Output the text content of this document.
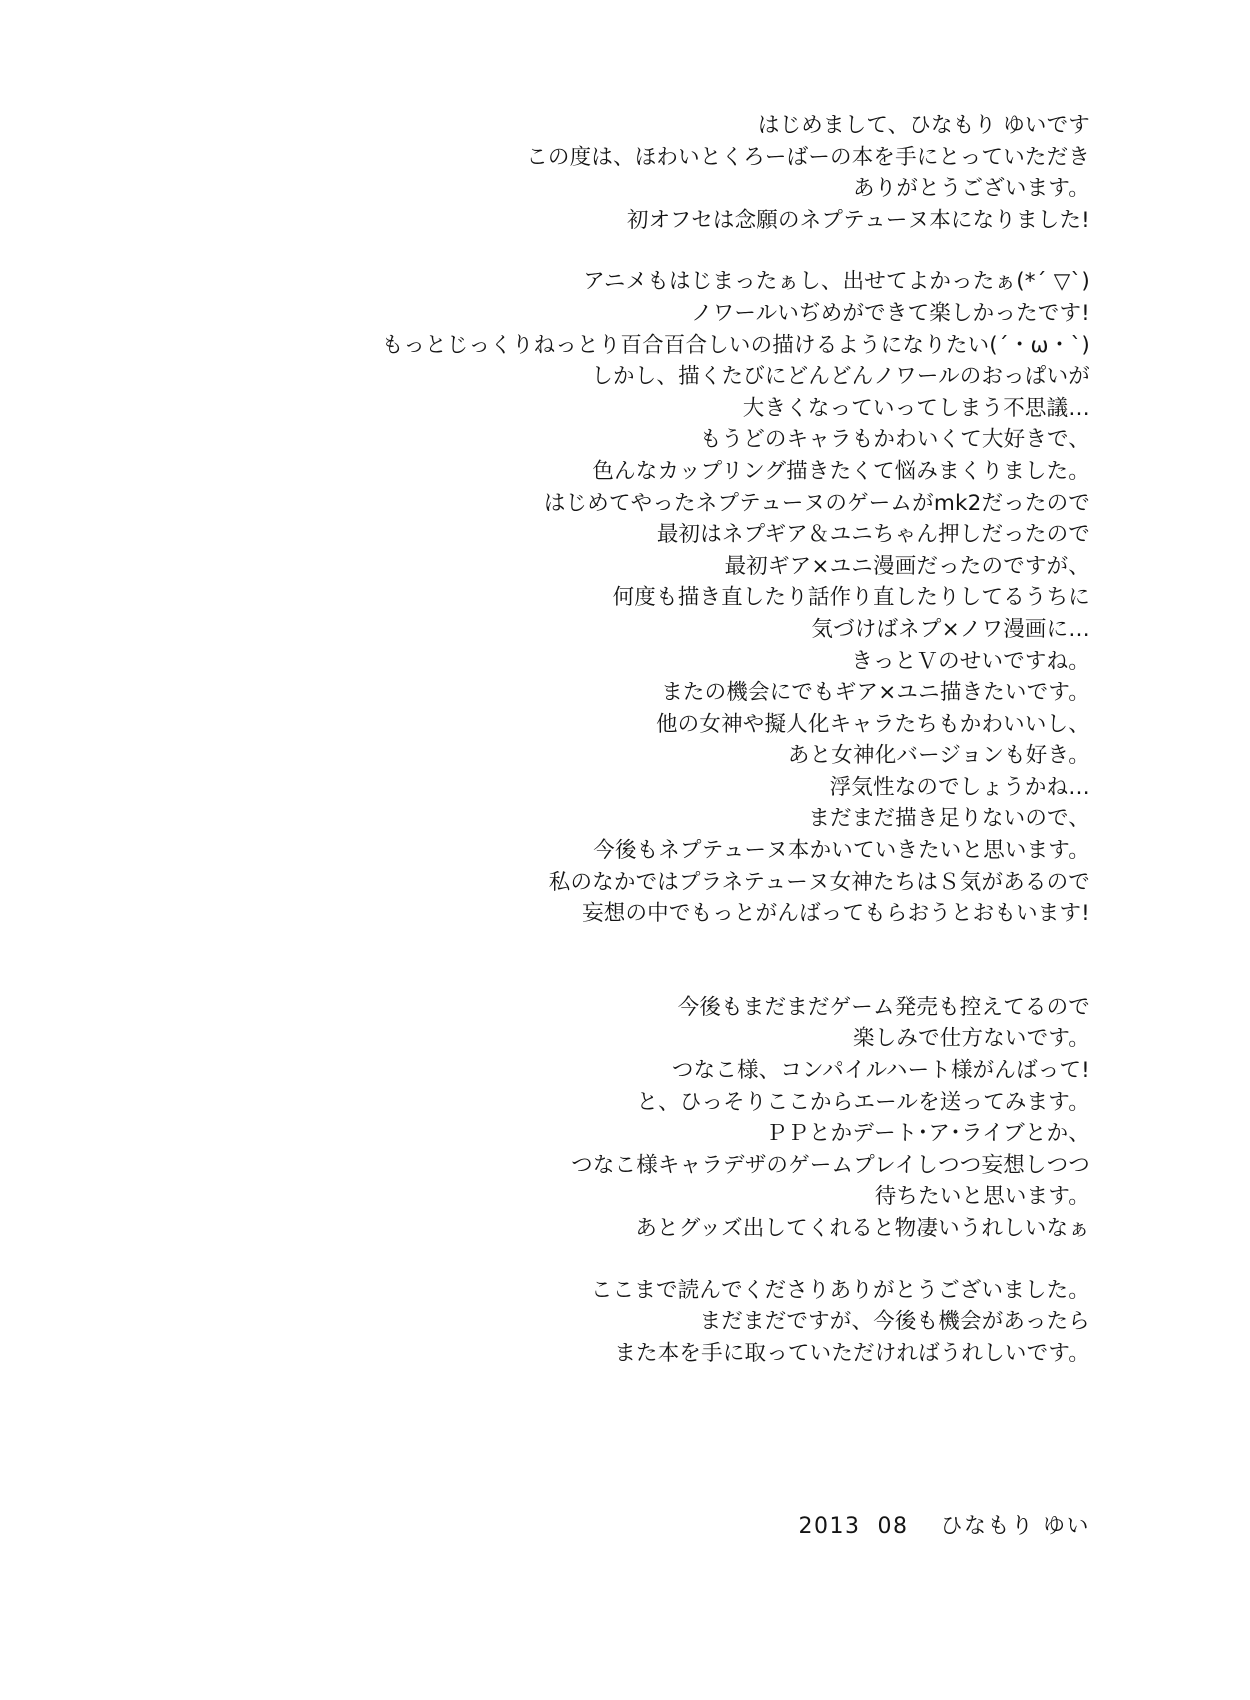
はじめまして、ひなもり ゆいです
この度は、ほわいとくろーばーの本を手にとっていただき
ありがとうございます。
初オフセは念願のネプテューヌ本になりました!
アニメもはじまったぁし、出せてよかったぁ(*´ ▽`)
ノワールいぢめができて楽しかったです!
もっとじっくりねっとり百合百合しいの描けるようになりたい(´・ω・`)
しかし、描くたびにどんどんノワールのおっぱいが
大きくなっていってしまう不思議…
もうどのキャラもかわいくて大好きで、
色んなカップリング描きたくて悩みまくりました。
はじめてやったネプテューヌのゲームがmk2だったので
最初はネプギア＆ユニちゃん押しだったので
最初ギア×ユニ漫画だったのですが、
何度も描き直したり話作り直したりしてるうちに
気づけばネプ×ノワ漫画に…
きっとＶのせいですね。
またの機会にでもギア×ユニ描きたいです。
他の女神や擬人化キャラたちもかわいいし、
あと女神化バージョンも好き。
浮気性なのでしょうかね…
まだまだ描き足りないので、
今後もネプテューヌ本かいていきたいと思います。
私のなかではプラネテューヌ女神たちはＳ気があるので
妄想の中でもっとがんばってもらおうとおもいます!
今後もまだまだゲーム発売も控えてるので
楽しみで仕方ないです。
つなこ様、コンパイルハート様がんばって!
と、ひっそりここからエールを送ってみます。
ＰＰとかデート･ア･ライブとか、
つなこ様キャラデザのゲームプレイしつつ妄想しつつ
待ちたいと思います。
あとグッズ出してくれると物凄いうれしいなぁ
ここまで読んでくださりありがとうございました。
まだまだですが、今後も機会があったら
また本を手に取っていただければうれしいです。
2013  08　 ひなもり ゆい
